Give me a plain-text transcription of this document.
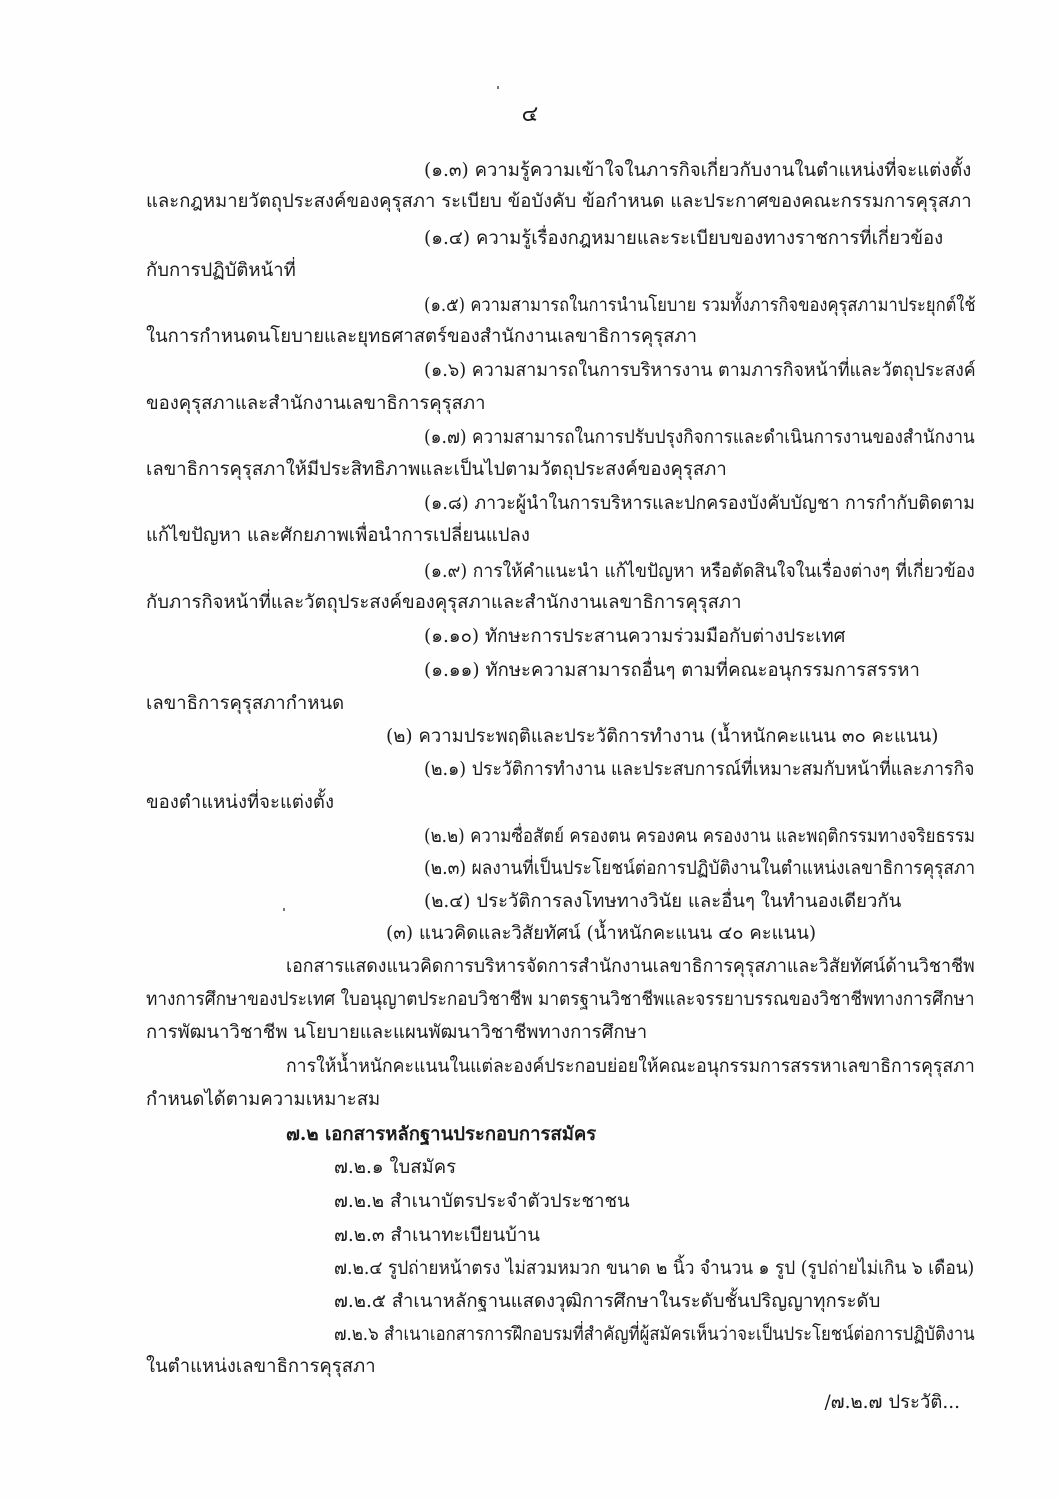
๔
(๑.๓) ความรู้ความเข้าใจในภารกิจเกี่ยวกับงานในตำแหน่งที่จะแต่งตั้ง
และกฎหมายวัตถุประสงค์ของคุรุสภา ระเบียบ ข้อบังคับ ข้อกำหนด และประกาศของคณะกรรมการคุรุสภา
(๑.๔) ความรู้เรื่องกฎหมายและระเบียบของทางราชการที่เกี่ยวข้อง
กับการปฏิบัติหน้าที่
(๑.๕) ความสามารถในการนำนโยบาย รวมทั้งภารกิจของคุรุสภามาประยุกต์ใช้
ในการกำหนดนโยบายและยุทธศาสตร์ของสำนักงานเลขาธิการคุรุสภา
(๑.๖) ความสามารถในการบริหารงาน ตามภารกิจหน้าที่และวัตถุประสงค์
ของคุรุสภาและสำนักงานเลขาธิการคุรุสภา
(๑.๗) ความสามารถในการปรับปรุงกิจการและดำเนินการงานของสำนักงาน
เลขาธิการคุรุสภาให้มีประสิทธิภาพและเป็นไปตามวัตถุประสงค์ของคุรุสภา
(๑.๘) ภาวะผู้นำในการบริหารและปกครองบังคับบัญชา การกำกับติดตาม
แก้ไขปัญหา และศักยภาพเพื่อนำการเปลี่ยนแปลง
(๑.๙) การให้คำแนะนำ แก้ไขปัญหา หรือตัดสินใจในเรื่องต่างๆ ที่เกี่ยวข้อง
กับภารกิจหน้าที่และวัตถุประสงค์ของคุรุสภาและสำนักงานเลขาธิการคุรุสภา
(๑.๑๐) ทักษะการประสานความร่วมมือกับต่างประเทศ
(๑.๑๑) ทักษะความสามารถอื่นๆ ตามที่คณะอนุกรรมการสรรหา
เลขาธิการคุรุสภากำหนด
(๒) ความประพฤติและประวัติการทำงาน (น้ำหนักคะแนน ๓๐ คะแนน)
(๒.๑) ประวัติการทำงาน และประสบการณ์ที่เหมาะสมกับหน้าที่และภารกิจ
ของตำแหน่งที่จะแต่งตั้ง
(๒.๒) ความซื่อสัตย์ ครองตน ครองคน ครองงาน และพฤติกรรมทางจริยธรรม
(๒.๓) ผลงานที่เป็นประโยชน์ต่อการปฏิบัติงานในตำแหน่งเลขาธิการคุรุสภา
(๒.๔) ประวัติการลงโทษทางวินัย และอื่นๆ ในทำนองเดียวกัน
(๓) แนวคิดและวิสัยทัศน์ (น้ำหนักคะแนน ๔๐ คะแนน)
เอกสารแสดงแนวคิดการบริหารจัดการสำนักงานเลขาธิการคุรุสภาและวิสัยทัศน์ด้านวิชาชีพ
ทางการศึกษาของประเทศ ใบอนุญาตประกอบวิชาชีพ มาตรฐานวิชาชีพและจรรยาบรรณของวิชาชีพทางการศึกษา
การพัฒนาวิชาชีพ นโยบายและแผนพัฒนาวิชาชีพทางการศึกษา
การให้น้ำหนักคะแนนในแต่ละองค์ประกอบย่อยให้คณะอนุกรรมการสรรหาเลขาธิการคุรุสภา
กำหนดได้ตามความเหมาะสม
๗.๒ เอกสารหลักฐานประกอบการสมัคร
๗.๒.๑ ใบสมัคร
๗.๒.๒ สำเนาบัตรประจำตัวประชาชน
๗.๒.๓ สำเนาทะเบียนบ้าน
๗.๒.๔ รูปถ่ายหน้าตรง ไม่สวมหมวก ขนาด ๒ นิ้ว จำนวน ๑ รูป (รูปถ่ายไม่เกิน ๖ เดือน)
๗.๒.๕ สำเนาหลักฐานแสดงวุฒิการศึกษาในระดับชั้นปริญญาทุกระดับ
๗.๒.๖ สำเนาเอกสารการฝึกอบรมที่สำคัญที่ผู้สมัครเห็นว่าจะเป็นประโยชน์ต่อการปฏิบัติงาน
ในตำแหน่งเลขาธิการคุรุสภา
/๗.๒.๗ ประวัติ...
